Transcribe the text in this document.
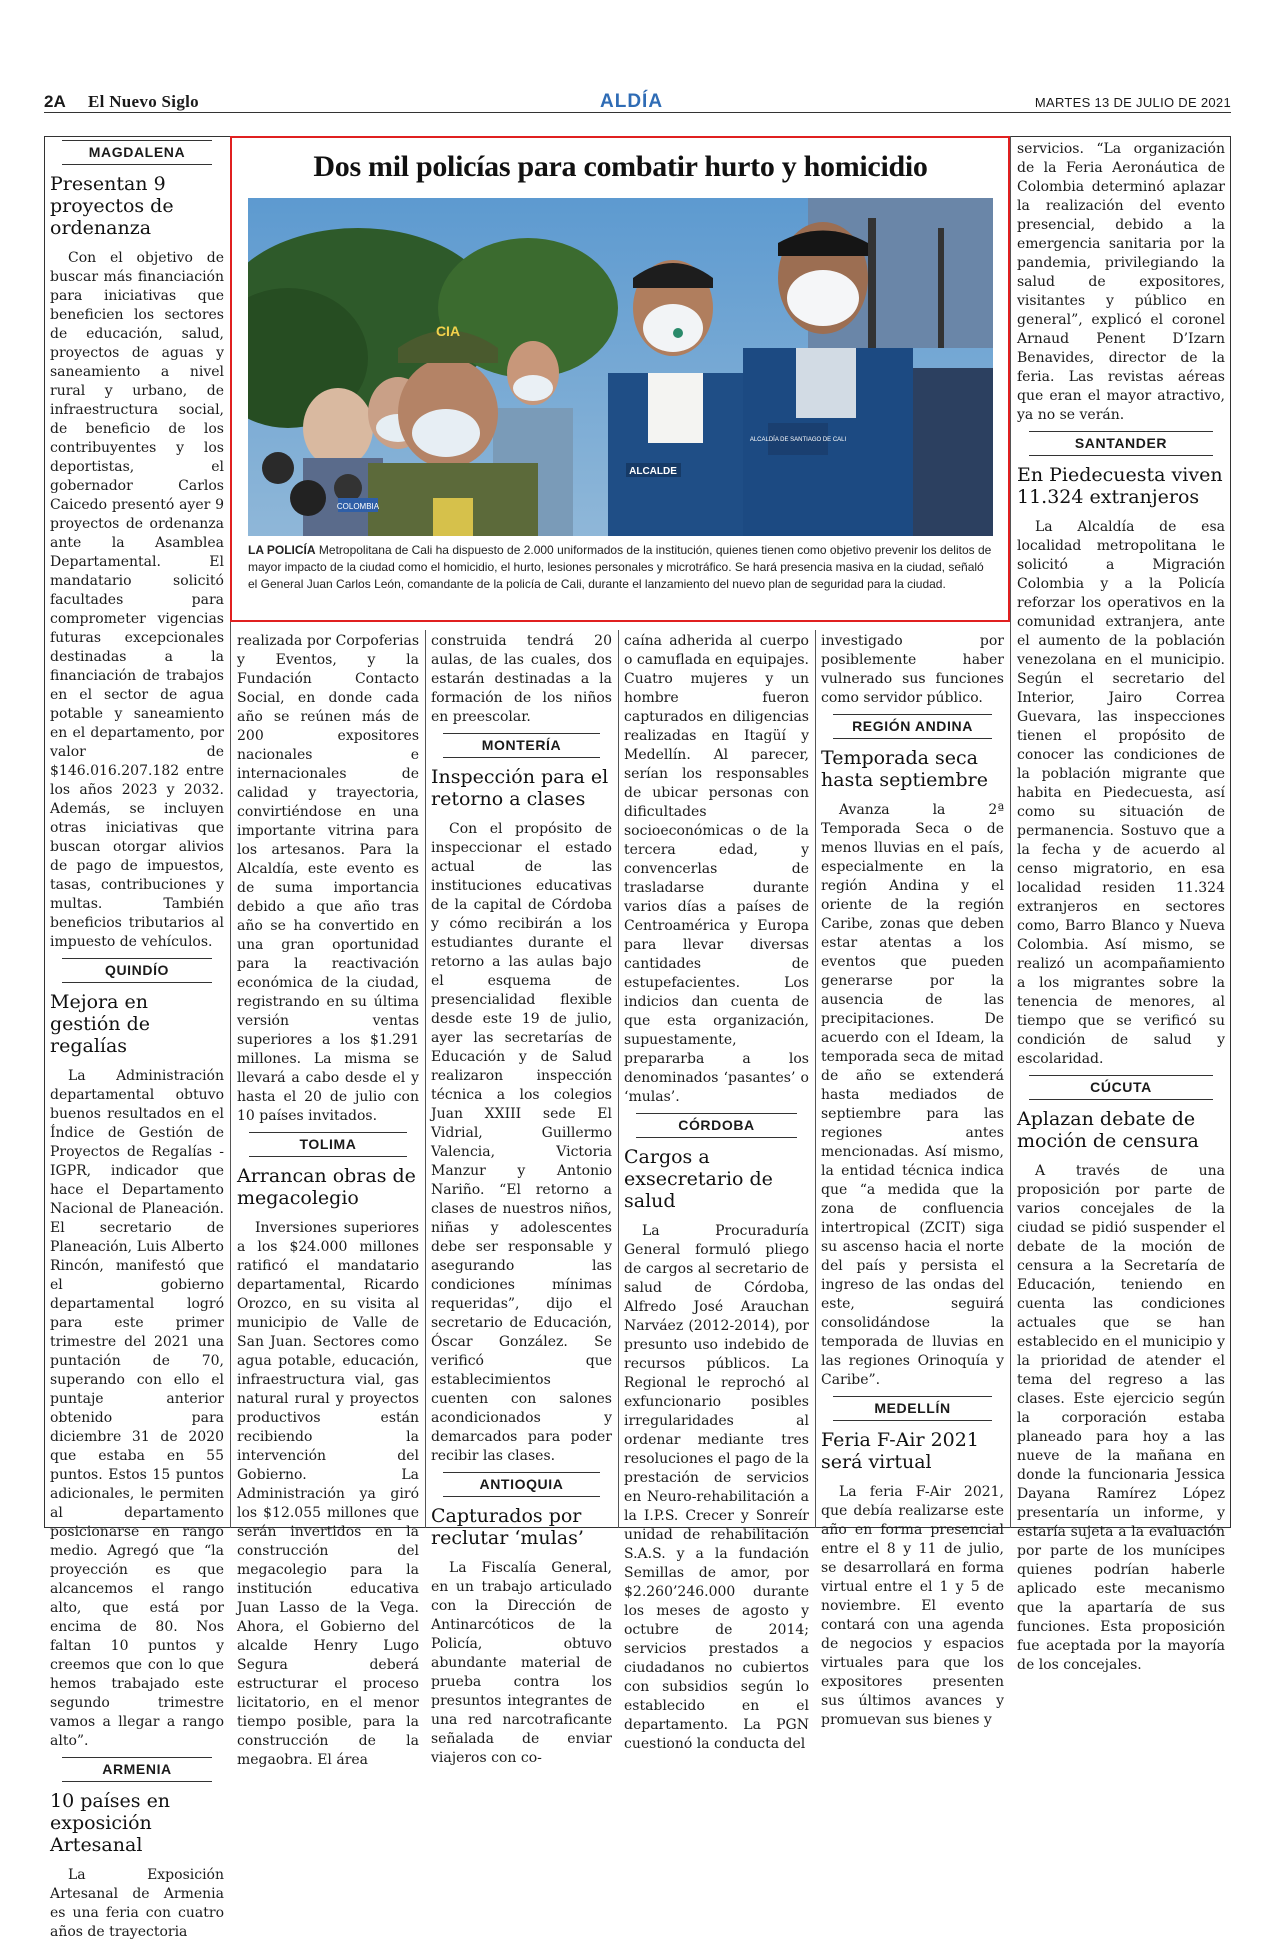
2A El Nuevo Siglo	ALDÍA	MARTES 13 DE JULIO DE 2021
Dos mil policías para combatir hurto y homicidio
CIA
COLOMBIA
ALCALDE
ALCALDÍA DE SANTIAGO DE CALI
LA POLICÍA Metropolitana de Cali ha dispuesto de 2.000 uniformados de la institución, quienes tienen como objetivo prevenir los delitos de mayor impacto de la ciudad como el homicidio, el hurto, lesiones personales y microtráfico. Se hará presencia masiva en la ciudad, señaló el General Juan Carlos León, comandante de la policía de Cali, durante el lanzamiento del nuevo plan de seguridad para la ciudad.
MAGDALENA
Presentan 9 proyectos de ordenanza

Con el objetivo de buscar más financiación para iniciativas que beneficien los sectores de educación, salud, proyectos de aguas y saneamiento a nivel rural y urbano, de infraestructura social, de beneficio de los contribuyentes y los deportistas, el gobernador Carlos Caicedo presentó ayer 9 proyectos de ordenanza ante la Asamblea Departamental. El mandatario solicitó facultades para comprometer vigencias futuras excepcionales destinadas a la financiación de trabajos en el sector de agua potable y saneamiento en el departamento, por valor de $146.016.207.182 entre los años 2023 y 2032. Además, se incluyen otras iniciativas que buscan otorgar alivios de pago de impuestos, tasas, contribuciones y multas. También beneficios tributarios al impuesto de vehículos.

QUINDÍO
Mejora en gestión de regalías

La Administración departamental obtuvo buenos resultados en el Índice de Gestión de Proyectos de Regalías - IGPR, indicador que hace el Departamento Nacional de Planeación. El secretario de Planeación, Luis Alberto Rincón, manifestó que el gobierno departamental logró para este primer trimestre del 2021 una puntación de 70, superando con ello el puntaje anterior obtenido para diciembre 31 de 2020 que estaba en 55 puntos. Estos 15 puntos adicionales, le permiten al departamento posicionarse en rango medio. Agregó que “la proyección es que alcancemos el rango alto, que está por encima de 80. Nos faltan 10 puntos y creemos que con lo que hemos trabajado este segundo trimestre vamos a llegar a rango alto”.

ARMENIA
10 países en exposición Artesanal

La Exposición Artesanal de Armenia es una feria con cuatro años de trayectoria

realizada por Corpoferias y Eventos, y la Fundación Contacto Social, en donde cada año se reúnen más de 200 expositores nacionales e internacionales de calidad y trayectoria, convirtiéndose en una importante vitrina para los artesanos. Para la Alcaldía, este evento es de suma importancia debido a que año tras año se ha convertido en una gran oportunidad para la reactivación económica de la ciudad, registrando en su última versión ventas superiores a los $1.291 millones. La misma se llevará a cabo desde el y hasta el 20 de julio con 10 países invitados.

TOLIMA
Arrancan obras de megacolegio

Inversiones superiores a los $24.000 millones ratificó el mandatario departamental, Ricardo Orozco, en su visita al municipio de Valle de San Juan. Sectores como agua potable, educación, infraestructura vial, gas natural rural y proyectos productivos están recibiendo la intervención del Gobierno. La Administración ya giró los $12.055 millones que serán invertidos en la construcción del megacolegio para la institución educativa Juan Lasso de la Vega. Ahora, el Gobierno del alcalde Henry Lugo Segura deberá estructurar el proceso licitatorio, en el menor tiempo posible, para la construcción de la megaobra. El área

construida tendrá 20 aulas, de las cuales, dos estarán destinadas a la formación de los niños en preescolar.

MONTERÍA
Inspección para el retorno a clases

Con el propósito de inspeccionar el estado actual de las instituciones educativas de la capital de Córdoba y cómo recibirán a los estudiantes durante el retorno a las aulas bajo el esquema de presencialidad flexible desde este 19 de julio, ayer las secretarías de Educación y de Salud realizaron inspección técnica a los colegios Juan XXIII sede El Vidrial, Guillermo Valencia, Victoria Manzur y Antonio Nariño. “El retorno a clases de nuestros niños, niñas y adolescentes debe ser responsable y asegurando las condiciones mínimas requeridas”, dijo el secretario de Educación, Óscar González. Se verificó que establecimientos cuenten con salones acondicionados y demarcados para poder recibir las clases.

ANTIOQUIA
Capturados por reclutar ‘mulas’

La Fiscalía General, en un trabajo articulado con la Dirección de Antinarcóticos de la Policía, obtuvo abundante material de prueba contra los presuntos integrantes de una red narcotraficante señalada de enviar viajeros con co-

caína adherida al cuerpo o camuflada en equipajes. Cuatro mujeres y un hombre fueron capturados en diligencias realizadas en Itagüí y Medellín. Al parecer, serían los responsables de ubicar personas con dificultades socioeconómicas o de la tercera edad, y convencerlas de trasladarse durante varios días a países de Centroamérica y Europa para llevar diversas cantidades de estupefacientes. Los indicios dan cuenta de que esta organización, supuestamente, prepararba a los denominados ‘pasantes’ o ‘mulas’.

CÓRDOBA
Cargos a exsecretario de salud

La Procuraduría General formuló pliego de cargos al secretario de salud de Córdoba, Alfredo José Arauchan Narváez (2012-2014), por presunto uso indebido de recursos públicos. La Regional le reprochó al exfuncionario posibles irregularidades al ordenar mediante tres resoluciones el pago de la prestación de servicios en Neuro-rehabilitación a la I.P.S. Crecer y Sonreír unidad de rehabilitación S.A.S. y a la fundación Semillas de amor, por $2.260’246.000 durante los meses de agosto y octubre de 2014; servicios prestados a ciudadanos no cubiertos con subsidios según lo establecido en el departamento. La PGN cuestionó la conducta del

investigado por posiblemente haber vulnerado sus funciones como servidor público.

REGIÓN ANDINA
Temporada seca hasta septiembre

Avanza la 2ª Temporada Seca o de menos lluvias en el país, especialmente en la región Andina y el oriente de la región Caribe, zonas que deben estar atentas a los eventos que pueden generarse por la ausencia de las precipitaciones. De acuerdo con el Ideam, la temporada seca de mitad de año se extenderá hasta mediados de septiembre para las regiones antes mencionadas. Así mismo, la entidad técnica indica que “a medida que la zona de confluencia intertropical (ZCIT) siga su ascenso hacia el norte del país y persista el ingreso de las ondas del este, seguirá consolidándose la temporada de lluvias en las regiones Orinoquía y Caribe”.

MEDELLÍN
Feria F-Air 2021 será virtual

La feria F-Air 2021, que debía realizarse este año en forma presencial entre el 8 y 11 de julio, se desarrollará en forma virtual entre el 1 y 5 de noviembre. El evento contará con una agenda de negocios y espacios virtuales para que los expositores presenten sus últimos avances y promuevan sus bienes y

servicios. “La organización de la Feria Aeronáutica de Colombia determinó aplazar la realización del evento presencial, debido a la emergencia sanitaria por la pandemia, privilegiando la salud de expositores, visitantes y público en general”, explicó el coronel Arnaud Penent D’Izarn Benavides, director de la feria. Las revistas aéreas que eran el mayor atractivo, ya no se verán.

SANTANDER
En Piedecuesta viven 11.324 extranjeros

La Alcaldía de esa localidad metropolitana le solicitó a Migración Colombia y a la Policía reforzar los operativos en la comunidad extranjera, ante el aumento de la población venezolana en el municipio. Según el secretario del Interior, Jairo Correa Guevara, las inspecciones tienen el propósito de conocer las condiciones de la población migrante que habita en Piedecuesta, así como su situación de permanencia. Sostuvo que a la fecha y de acuerdo al censo migratorio, en esa localidad residen 11.324 extranjeros en sectores como, Barro Blanco y Nueva Colombia. Así mismo, se realizó un acompañamiento a los migrantes sobre la tenencia de menores, al tiempo que se verificó su condición de salud y escolaridad.

CÚCUTA
Aplazan debate de moción de censura

A través de una proposición por parte de varios concejales de la ciudad se pidió suspender el debate de la moción de censura a la Secretaría de Educación, teniendo en cuenta las condiciones actuales que se han establecido en el municipio y la prioridad de atender el tema del regreso a las clases. Este ejercicio según la corporación estaba planeado para hoy a las nueve de la mañana en donde la funcionaria Jessica Dayana Ramírez López presentaría un informe, y estaría sujeta a la evaluación por parte de los munícipes quienes podrían haberle aplicado este mecanismo que la apartaría de sus funciones. Esta proposición fue aceptada por la mayoría de los concejales.
